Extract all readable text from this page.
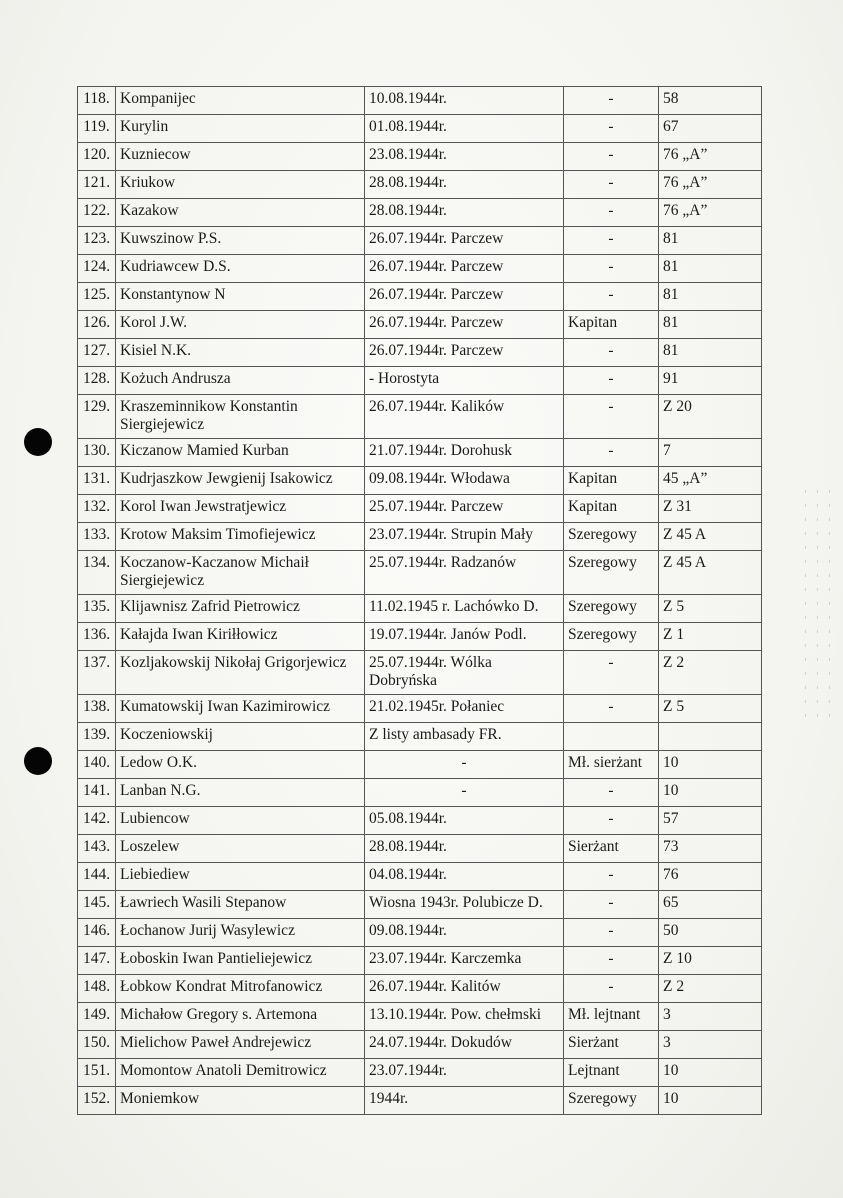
118.	Kompanijec	10.08.1944r.	-	58
119.	Kurylin	01.08.1944r.	-	67
120.	Kuzniecow	23.08.1944r.	-	76 „A”
121.	Kriukow	28.08.1944r.	-	76 „A”
122.	Kazakow	28.08.1944r.	-	76 „A”
123.	Kuwszinow P.S.	26.07.1944r. Parczew	-	81
124.	Kudriawcew D.S.	26.07.1944r. Parczew	-	81
125.	Konstantynow N	26.07.1944r. Parczew	-	81
126.	Korol J.W.	26.07.1944r. Parczew	Kapitan	81
127.	Kisiel N.K.	26.07.1944r. Parczew	-	81
128.	Kożuch Andrusza	- Horostyta	-	91
129.	Kraszeminnikow Konstantin Siergiejewicz	26.07.1944r. Kalików	-	Z 20
130.	Kiczanow Mamied Kurban	21.07.1944r. Dorohusk	-	7
131.	Kudrjaszkow Jewgienij Isakowicz	09.08.1944r. Włodawa	Kapitan	45 „A”
132.	Korol Iwan Jewstratjewicz	25.07.1944r. Parczew	Kapitan	Z 31
133.	Krotow Maksim Timofiejewicz	23.07.1944r. Strupin Mały	Szeregowy	Z 45 A
134.	Koczanow-Kaczanow Michaił Siergiejewicz	25.07.1944r. Radzanów	Szeregowy	Z 45 A
135.	Klijawnisz Zafrid Pietrowicz	11.02.1945 r. Lachówko D.	Szeregowy	Z 5
136.	Kałajda Iwan Kiriłłowicz	19.07.1944r. Janów Podl.	Szeregowy	Z 1
137.	Kozljakowskij Nikołaj Grigorjewicz	25.07.1944r. Wólka Dobryńska	-	Z 2
138.	Kumatowskij Iwan Kazimirowicz	21.02.1945r. Połaniec	-	Z 5
139.	Koczeniowskij	Z listy ambasady FR.		
140.	Ledow O.K.	-	Mł. sierżant	10
141.	Lanban N.G.	-	-	10
142.	Lubiencow	05.08.1944r.	-	57
143.	Loszelew	28.08.1944r.	Sierżant	73
144.	Liebiediew	04.08.1944r.	-	76
145.	Ławriech Wasili Stepanow	Wiosna 1943r. Polubicze D.	-	65
146.	Łochanow Jurij Wasylewicz	09.08.1944r.	-	50
147.	Łoboskin Iwan Pantieliejewicz	23.07.1944r. Karczemka	-	Z 10
148.	Łobkow Kondrat Mitrofanowicz	26.07.1944r. Kalitów	-	Z 2
149.	Michałow Gregory s. Artemona	13.10.1944r. Pow. chełmski	Mł. lejtnant	3
150.	Mielichow Paweł Andrejewicz	24.07.1944r. Dokudów	Sierżant	3
151.	Momontow Anatoli Demitrowicz	23.07.1944r.	Lejtnant	10
152.	Moniemkow	1944r.	Szeregowy	10
